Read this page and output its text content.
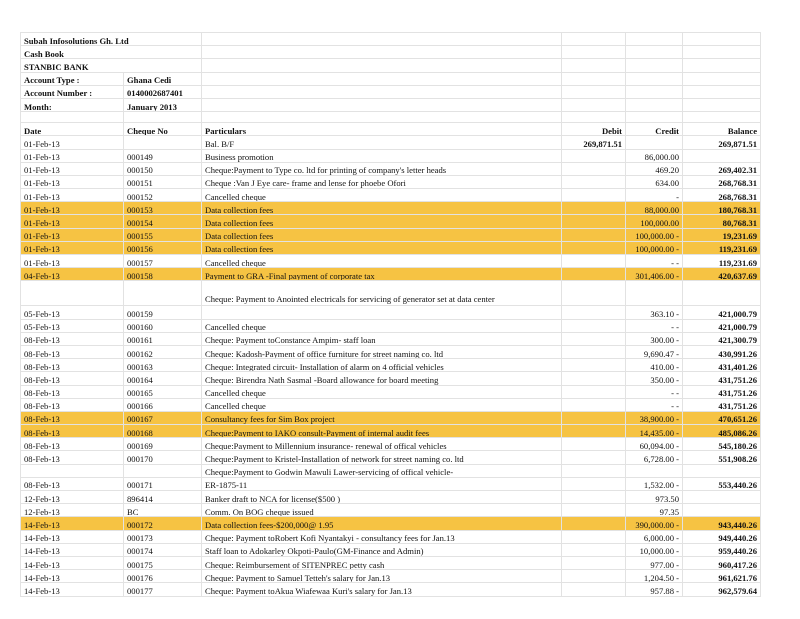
Subah Infosolutions Gh. Ltd					
Cash Book					
STANBIC BANK					
Account Type :	Ghana Cedi				
Account Number :	0140002687401				
Month:	January 2013				

Date	Cheque No	Particulars	Debit	Credit	Balance
01-Feb-13		Bal. B/F	269,871.51		269,871.51
01-Feb-13	000149	Business promotion		86,000.00	
01-Feb-13	000150	Cheque:Payment to Type co. ltd for printing of company's letter heads		469.20	269,402.31
01-Feb-13	000151	Cheque :Van J Eye care- frame and lense for phoebe Ofori		634.00	268,768.31
01-Feb-13	000152	Cancelled cheque		-	268,768.31
01-Feb-13	000153	Data collection fees		88,000.00	180,768.31
01-Feb-13	000154	Data collection fees		100,000.00	80,768.31
01-Feb-13	000155	Data collection fees		100,000.00 -	19,231.69
01-Feb-13	000156	Data collection fees		100,000.00 -	119,231.69
01-Feb-13	000157	Cancelled cheque		- -	119,231.69
04-Feb-13	000158	Payment to GRA -Final payment of corporate tax		301,406.00 -	420,637.69
		Cheque: Payment to Anointed electricals for servicing of generator set at data center			
05-Feb-13	000159			363.10 -	421,000.79
05-Feb-13	000160	Cancelled cheque		- -	421,000.79
08-Feb-13	000161	Cheque: Payment toConstance Ampim- staff loan		300.00 -	421,300.79
08-Feb-13	000162	Cheque: Kadosh-Payment of office furniture for street naming co. ltd		9,690.47 -	430,991.26
08-Feb-13	000163	Cheque: Integrated circuit- Installation of alarm on 4 official vehicles		410.00 -	431,401.26
08-Feb-13	000164	Cheque: Birendra Nath Sasmal -Board allowance for board meeting		350.00 -	431,751.26
08-Feb-13	000165	Cancelled cheque		- -	431,751.26
08-Feb-13	000166	Cancelled cheque		- -	431,751.26
08-Feb-13	000167	Consultancy fees for Sim Box project		38,900.00 -	470,651.26
08-Feb-13	000168	Cheque:Payment to IAKO consult-Payment of internal audit fees		14,435.00 -	485,086.26
08-Feb-13	000169	Cheque:Payment to Millennium insurance- renewal of offical vehicles		60,094.00 -	545,180.26
08-Feb-13	000170	Cheque:Payment to Kristel-Installation of network for street naming co. ltd		6,728.00 -	551,908.26
		Cheque:Payment to Godwin Mawuli Lawer-servicing of offical vehicle-			
08-Feb-13	000171	ER-1875-11		1,532.00 -	553,440.26
12-Feb-13	896414	Banker draft to NCA for license($500 )		973.50	
12-Feb-13	BC	Comm. On BOG cheque issued		97.35	
14-Feb-13	000172	Data collection fees-$200,000@ 1.95		390,000.00 -	943,440.26
14-Feb-13	000173	Cheque: Payment toRobert Kofi Nyantakyi - consultancy fees for Jan.13		6,000.00 -	949,440.26
14-Feb-13	000174	Staff loan to Adokarley Okpoti-Paulo(GM-Finance and Admin)		10,000.00 -	959,440.26
14-Feb-13	000175	Cheque: Reimbursement of SITENPREC petty cash		977.00 -	960,417.26
14-Feb-13	000176	Cheque: Payment to Samuel Tetteh's salary for Jan.13		1,204.50 -	961,621.76
14-Feb-13	000177	Cheque: Payment toAkua Wiafewaa Kuri's salary for Jan.13		957.88 -	962,579.64
